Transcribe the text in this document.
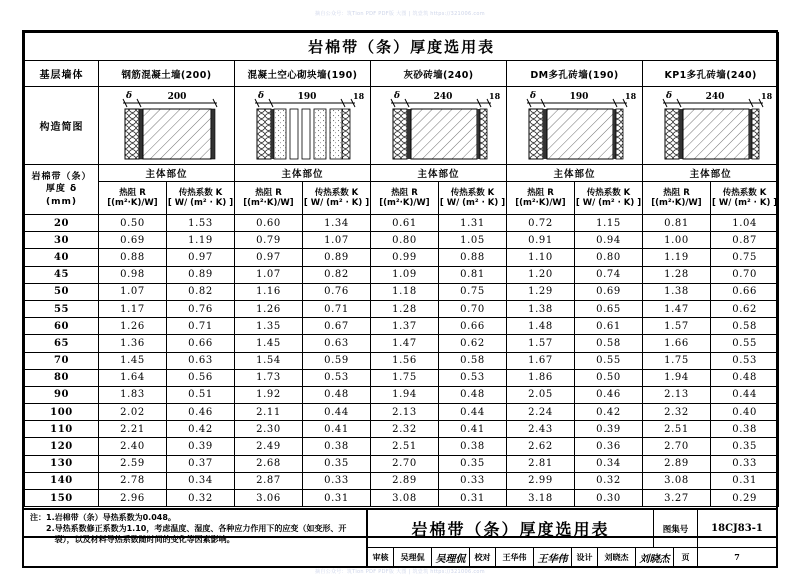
摘自公众号：筑Tion PDF PDF版 大图 | 筑壹筑 https://321006.com
摘自公众号：筑Tion PDF PDF版 大图 | 筑壹筑 https://321006.com
岩棉带（条）厚度选用表										
基层墙体	钢筋混凝土墙(200)		混凝土空心砌块墙(190)		灰砂砖墙(240)		DM多孔砖墙(190)		KP1多孔砖墙(240)	
构造简图	δ 200		δ 190 18		δ 240 18		δ 190 18		δ 240 18	

岩棉带（条）
厚度 δ
(mm)	主体部位		主体部位		主体部位		主体部位		主体部位	

热阻 R
[(m²·K)/W]

传热系数 K
[ W/ (m² · K) ]

热阻 R
[(m²·K)/W]

传热系数 K
[ W/ (m² · K) ]

热阻 R
[(m²·K)/W]

传热系数 K
[ W/ (m² · K) ]

热阻 R
[(m²·K)/W]

传热系数 K
[ W/ (m² · K) ]

热阻 R
[(m²·K)/W]

传热系数 K
[ W/ (m² · K) ]

20	0.50	1.53	0.60	1.34	0.61	1.31	0.72	1.15	0.81	1.04
30	0.69	1.19	0.79	1.07	0.80	1.05	0.91	0.94	1.00	0.87
40	0.88	0.97	0.97	0.89	0.99	0.88	1.10	0.80	1.19	0.75
45	0.98	0.89	1.07	0.82	1.09	0.81	1.20	0.74	1.28	0.70
50	1.07	0.82	1.16	0.76	1.18	0.75	1.29	0.69	1.38	0.66
55	1.17	0.76	1.26	0.71	1.28	0.70	1.38	0.65	1.47	0.62
60	1.26	0.71	1.35	0.67	1.37	0.66	1.48	0.61	1.57	0.58
65	1.36	0.66	1.45	0.63	1.47	0.62	1.57	0.58	1.66	0.55
70	1.45	0.63	1.54	0.59	1.56	0.58	1.67	0.55	1.75	0.53
80	1.64	0.56	1.73	0.53	1.75	0.53	1.86	0.50	1.94	0.48
90	1.83	0.51	1.92	0.48	1.94	0.48	2.05	0.46	2.13	0.44
100	2.02	0.46	2.11	0.44	2.13	0.44	2.24	0.42	2.32	0.40
110	2.21	0.42	2.30	0.41	2.32	0.41	2.43	0.39	2.51	0.38
120	2.40	0.39	2.49	0.38	2.51	0.38	2.62	0.36	2.70	0.35
130	2.59	0.37	2.68	0.35	2.70	0.35	2.81	0.34	2.89	0.33
140	2.78	0.34	2.87	0.33	2.89	0.33	2.99	0.32	3.08	0.31
150	2.96	0.32	3.06	0.31	3.08	0.31	3.18	0.30	3.27	0.29
注： 1. 岩棉带（条）导热系数为0.048。
2. 导热系数修正系数为1.10，考虑温度、湿度、各种应力作用下的应变（如变形、开裂），以及材料导热系数随时间的变化等因素影响。
岩棉带（条）厚度选用表	图集号	18CJ83-1
审核	吴理侃	吴理侃	校对	王华伟	王华伟	设计	刘晓杰	刘晓杰	页	7
